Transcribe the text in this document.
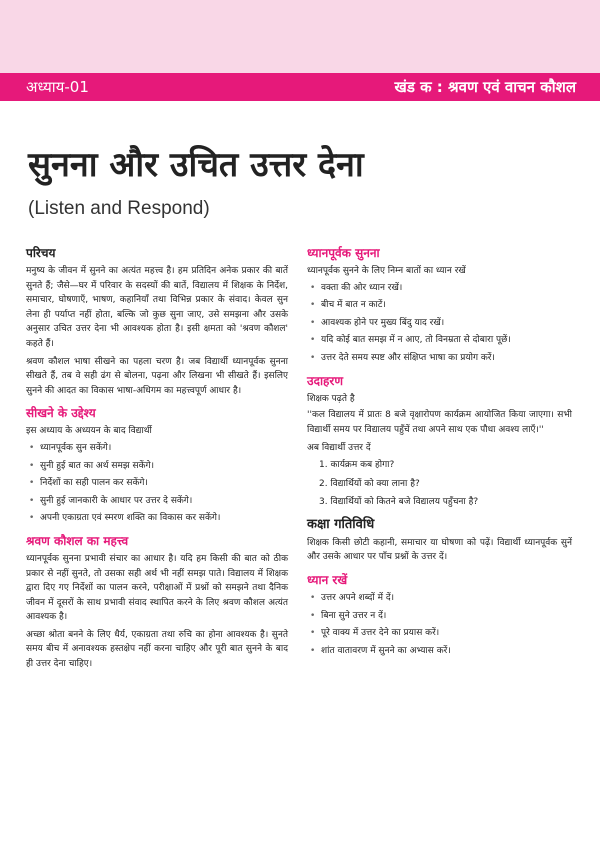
अध्याय-01	खंड क : श्रवण एवं वाचन कौशल
सुनना और उचित उत्तर देना
(Listen and Respond)
परिचय

मनुष्य के जीवन में सुनने का अत्यंत महत्त्व है। हम प्रतिदिन अनेक प्रकार की बातें सुनते हैं; जैसे—घर में परिवार के सदस्यों की बातें, विद्यालय में शिक्षक के निर्देश, समाचार, घोषणाएँ, भाषण, कहानियाँ तथा विभिन्न प्रकार के संवाद। केवल सुन लेना ही पर्याप्त नहीं होता, बल्कि जो कुछ सुना जाए, उसे समझना और उसके अनुसार उचित उत्तर देना भी आवश्यक होता है। इसी क्षमता को 'श्रवण कौशल' कहते हैं।

श्रवण कौशल भाषा सीखने का पहला चरण है। जब विद्यार्थी ध्यानपूर्वक सुनना सीखते हैं, तब वे सही ढंग से बोलना, पढ़ना और लिखना भी सीखते हैं। इसलिए सुनने की आदत का विकास भाषा-अधिगम का महत्त्वपूर्ण आधार है।

सीखने के उद्देश्य

इस अध्याय के अध्ययन के बाद विद्यार्थी

• ध्यानपूर्वक सुन सकेंगे।
• सुनी हुई बात का अर्थ समझ सकेंगे।
• निर्देशों का सही पालन कर सकेंगे।
• सुनी हुई जानकारी के आधार पर उत्तर दे सकेंगे।
• अपनी एकाग्रता एवं स्मरण शक्ति का विकास कर सकेंगे।
श्रवण कौशल का महत्त्व

ध्यानपूर्वक सुनना प्रभावी संचार का आधार है। यदि हम किसी की बात को ठीक प्रकार से नहीं सुनते, तो उसका सही अर्थ भी नहीं समझ पाते। विद्यालय में शिक्षक द्वारा दिए गए निर्देशों का पालन करने, परीक्षाओं में प्रश्नों को समझने तथा दैनिक जीवन में दूसरों के साथ प्रभावी संवाद स्थापित करने के लिए श्रवण कौशल अत्यंत आवश्यक है।

अच्छा श्रोता बनने के लिए धैर्य, एकाग्रता तथा रुचि का होना आवश्यक है। सुनते समय बीच में अनावश्यक हस्तक्षेप नहीं करना चाहिए और पूरी बात सुनने के बाद ही उत्तर देना चाहिए।

ध्यानपूर्वक सुनना

ध्यानपूर्वक सुनने के लिए निम्न बातों का ध्यान रखें

• वक्ता की ओर ध्यान रखें।
• बीच में बात न काटें।
• आवश्यक होने पर मुख्य बिंदु याद रखें।
• यदि कोई बात समझ में न आए, तो विनम्रता से दोबारा पूछें।
• उत्तर देते समय स्पष्ट और संक्षिप्त भाषा का प्रयोग करें।
उदाहरण

शिक्षक पढ़ते है

''कल विद्यालय में प्रातः 8 बजे वृक्षारोपण कार्यक्रम आयोजित किया जाएगा। सभी विद्यार्थी समय पर विद्यालय पहुँचें तथा अपने साथ एक पौधा अवश्य लाएँ।''

अब विद्यार्थी उत्तर दें

1. कार्यक्रम कब होगा?
2. विद्यार्थियों को क्या लाना है?
3. विद्यार्थियों को कितने बजे विद्यालय पहुँचना है?
कक्षा गतिविधि

शिक्षक किसी छोटी कहानी, समाचार या घोषणा को पढ़ें। विद्यार्थी ध्यानपूर्वक सुनें और उसके आधार पर पाँच प्रश्नों के उत्तर दें।

ध्यान रखें
• उत्तर अपने शब्दों में दें।
• बिना सुने उत्तर न दें।
• पूरे वाक्य में उत्तर देने का प्रयास करें।
• शांत वातावरण में सुनने का अभ्यास करें।
